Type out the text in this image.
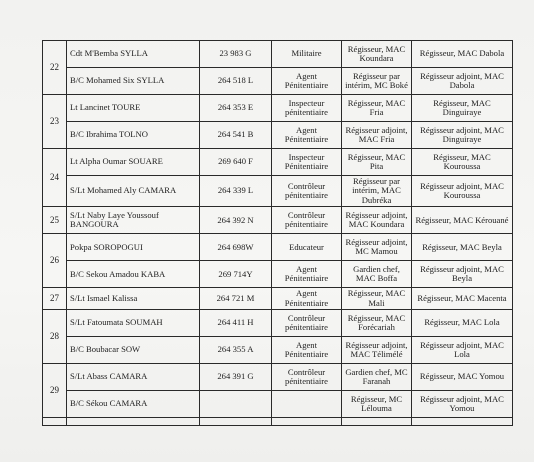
22	Cdt M'Bemba SYLLA	23 983 G	Militaire	Régisseur, MAC Koundara	Régisseur, MAC Dabola
	B/C Mohamed Six SYLLA	264 518 L	Agent Pénitentiaire	Régisseur par intérim, MC Boké	Régisseur adjoint, MAC Dabola
23	Lt Lancinet TOURE	264 353 E	Inspecteur pénitentiaire	Régisseur, MAC Fria	Régisseur, MAC Dinguiraye
	B/C Ibrahima TOLNO	264 541 B	Agent Pénitentiaire	Régisseur adjoint, MAC Fria	Régisseur adjoint, MAC Dinguiraye
24	Lt Alpha Oumar SOUARE	269 640 F	Inspecteur Pénitentiaire	Régisseur, MAC Pita	Régisseur, MAC Kouroussa
	S/Lt Mohamed Aly CAMARA	264 339 L	Contrôleur pénitentiaire	Régisseur par intérim, MAC Dubréka	Régisseur adjoint, MAC Kouroussa
25	S/Lt Naby Laye Youssouf BANGOURA	264 392 N	Contrôleur pénitentiaire	Régisseur adjoint, MAC Koundara	Régisseur, MAC Kérouané
26	Pokpa SOROPOGUI	264 698W	Educateur	Régisseur adjoint, MC Mamou	Régisseur, MAC Beyla
	B/C Sekou Amadou KABA	269 714Y	Agent Pénitentiaire	Gardien chef, MAC Boffa	Régisseur adjoint, MAC Beyla
27	S/Lt Ismael Kalissa	264 721 M	Agent Pénitentiaire	Régisseur, MAC Mali	Régisseur, MAC Macenta
28	S/Lt Fatoumata SOUMAH	264 411 H	Contrôleur pénitentiaire	Régisseur, MAC Forécariah	Régisseur, MAC Lola
	B/C Boubacar SOW	264 355 A	Agent Pénitentiaire	Régisseur adjoint, MAC Télimélé	Régisseur adjoint, MAC Lola
29	S/Lt Abass CAMARA	264 391 G	Contrôleur pénitentiaire	Gardien chef, MC Faranah	Régisseur, MAC Yomou
	B/C Sékou CAMARA			Régisseur, MC Lélouma	Régisseur adjoint, MAC Yomou
